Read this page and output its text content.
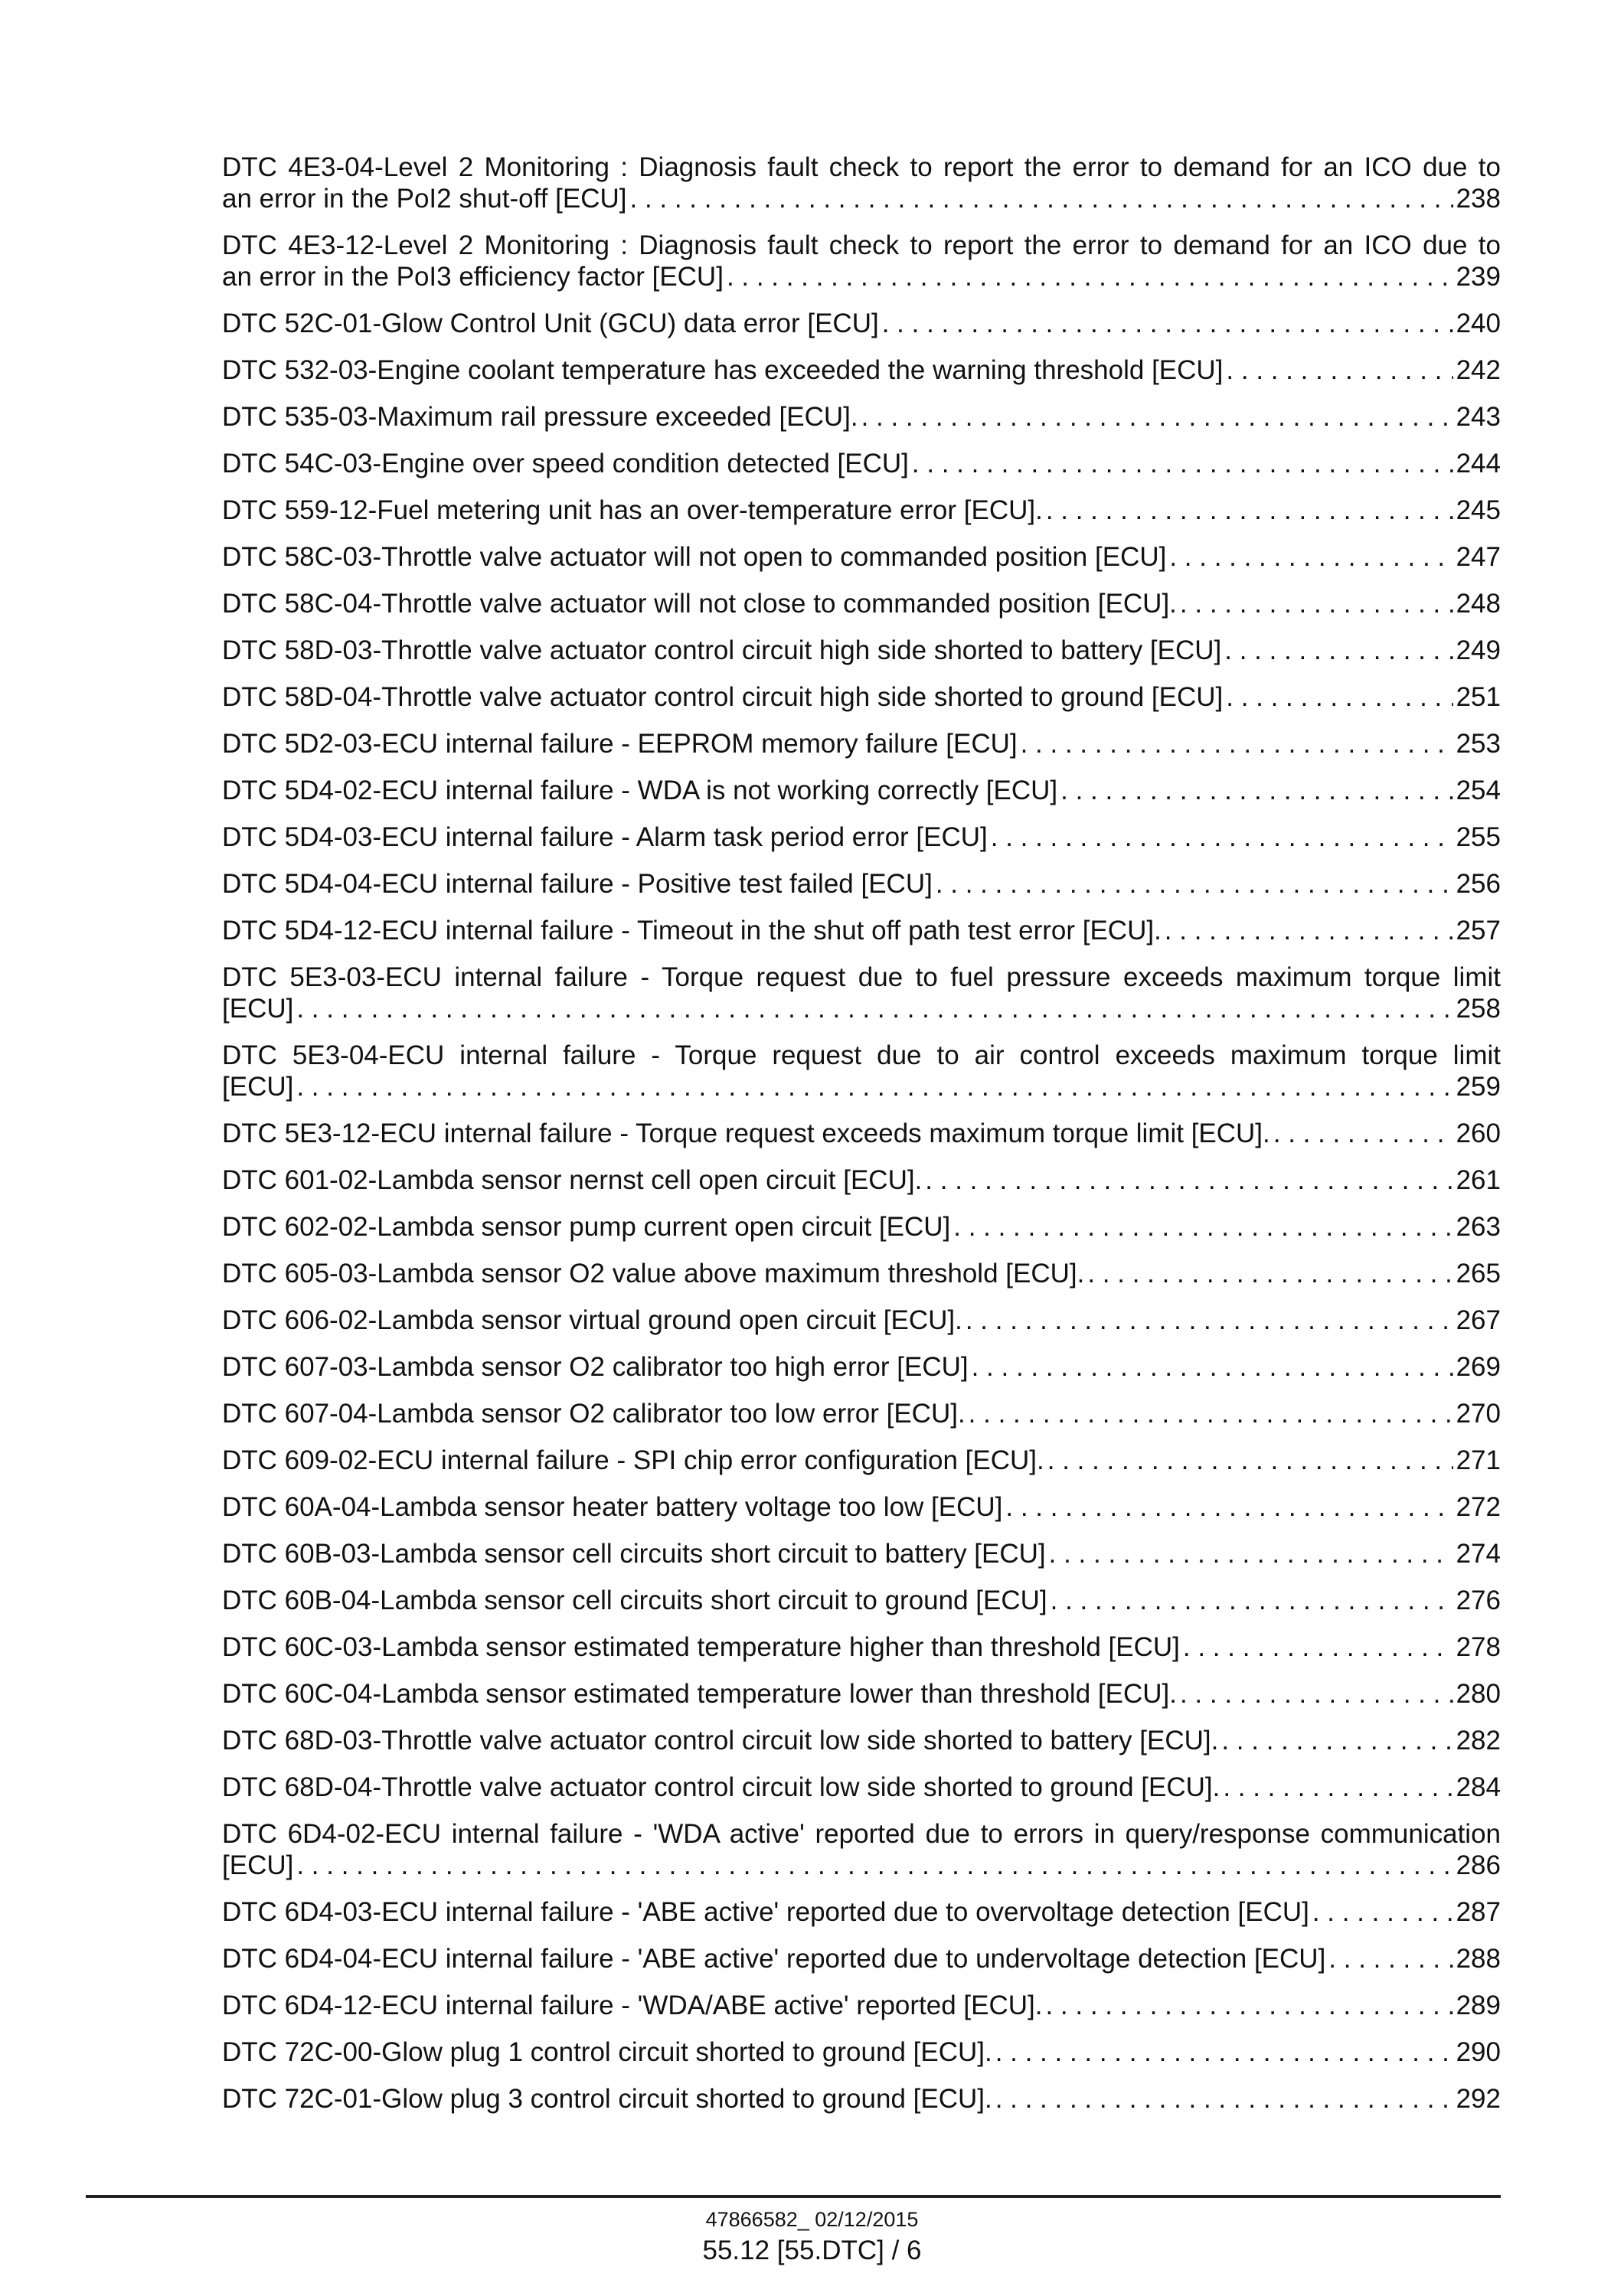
DTC 4E3-04-Level 2 Monitoring : Diagnosis fault check to report the error to demand for an ICO due to
an error in the PoI2 shut-off [ECU] . . .	238
DTC 4E3-12-Level 2 Monitoring : Diagnosis fault check to report the error to demand for an ICO due to
an error in the PoI3 efficiency factor [ECU] . . .	239
DTC 52C-01-Glow Control Unit (GCU) data error [ECU] . . .	240
DTC 532-03-Engine coolant temperature has exceeded the warning threshold [ECU] . . .	242
DTC 535-03-Maximum rail pressure exceeded [ECU]. . . .	243
DTC 54C-03-Engine over speed condition detected [ECU] . . .	244
DTC 559-12-Fuel metering unit has an over-temperature error [ECU]. . . .	245
DTC 58C-03-Throttle valve actuator will not open to commanded position [ECU] . . .	247
DTC 58C-04-Throttle valve actuator will not close to commanded position [ECU]. . . .	248
DTC 58D-03-Throttle valve actuator control circuit high side shorted to battery [ECU] . . .	249
DTC 58D-04-Throttle valve actuator control circuit high side shorted to ground [ECU] . . .	251
DTC 5D2-03-ECU internal failure - EEPROM memory failure [ECU] . . .	253
DTC 5D4-02-ECU internal failure - WDA is not working correctly [ECU] . . .	254
DTC 5D4-03-ECU internal failure - Alarm task period error [ECU] . . .	255
DTC 5D4-04-ECU internal failure - Positive test failed [ECU] . . .	256
DTC 5D4-12-ECU internal failure - Timeout in the shut off path test error [ECU]. . . .	257
DTC 5E3-03-ECU internal failure - Torque request due to fuel pressure exceeds maximum torque limit
[ECU] . . .	258
DTC 5E3-04-ECU internal failure - Torque request due to air control exceeds maximum torque limit
[ECU] . . .	259
DTC 5E3-12-ECU internal failure - Torque request exceeds maximum torque limit [ECU]. . . .	260
DTC 601-02-Lambda sensor nernst cell open circuit [ECU]. . . .	261
DTC 602-02-Lambda sensor pump current open circuit [ECU] . . .	263
DTC 605-03-Lambda sensor O2 value above maximum threshold [ECU]. . . .	265
DTC 606-02-Lambda sensor virtual ground open circuit [ECU]. . . .	267
DTC 607-03-Lambda sensor O2 calibrator too high error [ECU] . . .	269
DTC 607-04-Lambda sensor O2 calibrator too low error [ECU]. . . .	270
DTC 609-02-ECU internal failure - SPI chip error configuration [ECU]. . . .	271
DTC 60A-04-Lambda sensor heater battery voltage too low [ECU] . . .	272
DTC 60B-03-Lambda sensor cell circuits short circuit to battery [ECU] . . .	274
DTC 60B-04-Lambda sensor cell circuits short circuit to ground [ECU] . . .	276
DTC 60C-03-Lambda sensor estimated temperature higher than threshold [ECU] . . .	278
DTC 60C-04-Lambda sensor estimated temperature lower than threshold [ECU]. . . .	280
DTC 68D-03-Throttle valve actuator control circuit low side shorted to battery [ECU]. . . .	282
DTC 68D-04-Throttle valve actuator control circuit low side shorted to ground [ECU]. . . .	284
DTC 6D4-02-ECU internal failure - 'WDA active' reported due to errors in query/response communication
[ECU] . . .	286
DTC 6D4-03-ECU internal failure - 'ABE active' reported due to overvoltage detection [ECU] . . .	287
DTC 6D4-04-ECU internal failure - 'ABE active' reported due to undervoltage detection [ECU] . . .	288
DTC 6D4-12-ECU internal failure - 'WDA/ABE active' reported [ECU]. . . .	289
DTC 72C-00-Glow plug 1 control circuit shorted to ground [ECU]. . . .	290
DTC 72C-01-Glow plug 3 control circuit shorted to ground [ECU]. . . .	292
47866582_ 02/12/2015
55.12 [55.DTC] / 6
